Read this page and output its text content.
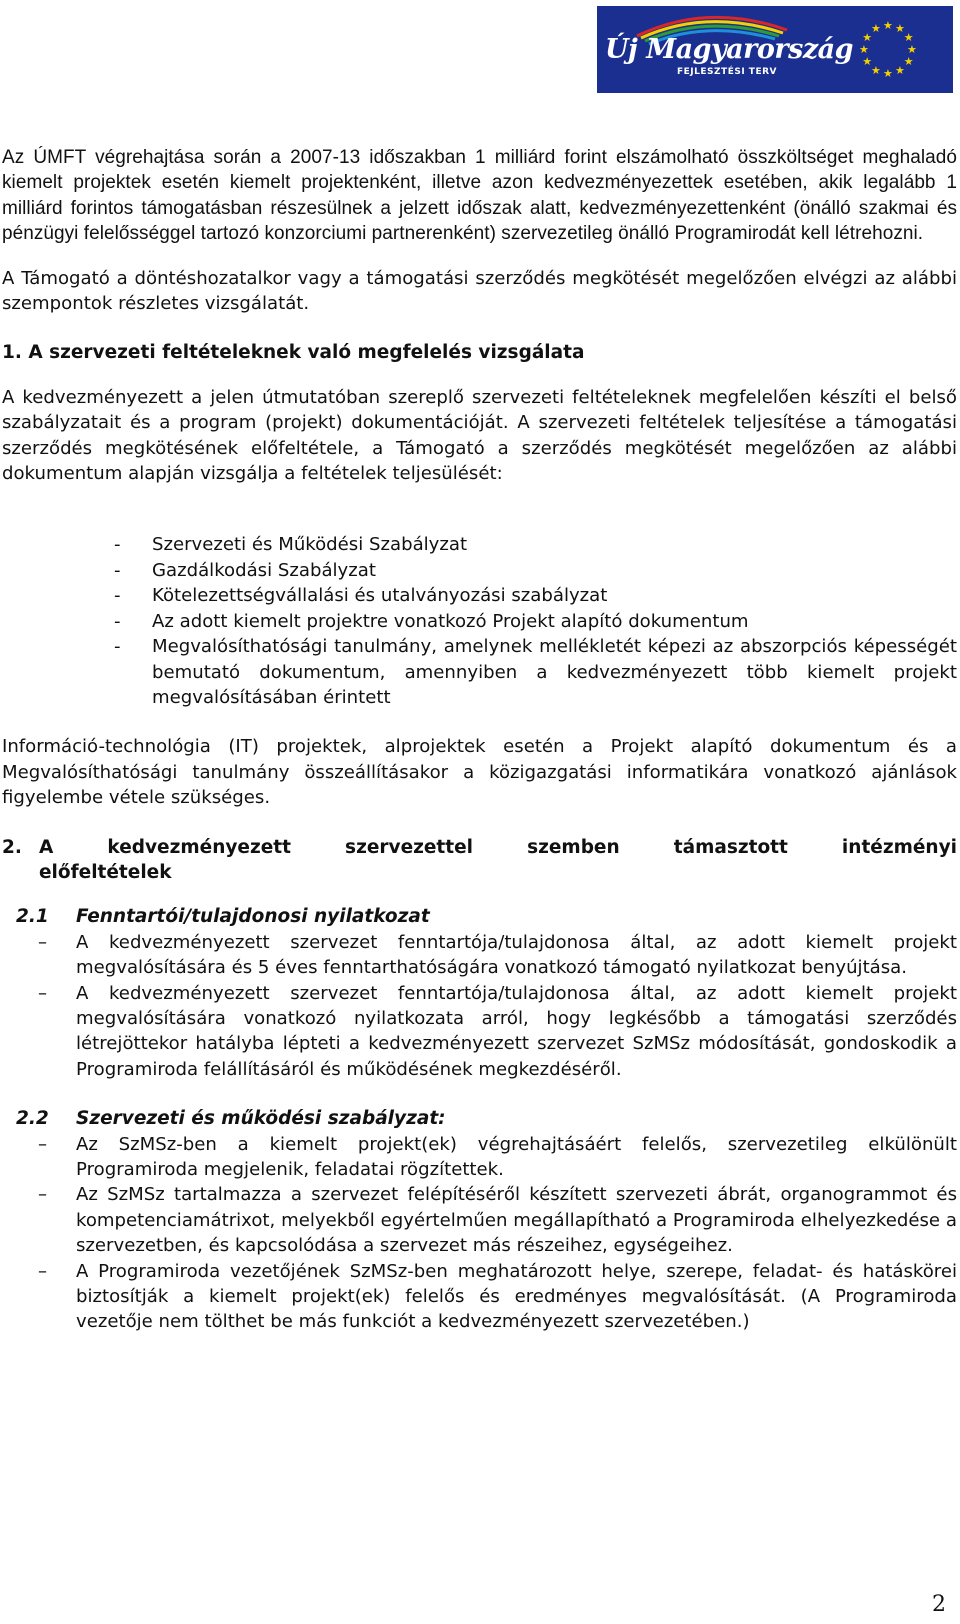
★
★
★
★
★
★
★
★
★ ★ ★
★
Új Magyarország
FEJLESZTÉSI TERV

Az ÚMFT végrehajtása során a 2007-13 időszakban 1 milliárd forint elszámolható összköltséget meghaladó kiemelt projektek esetén kiemelt projektenként, illetve azon kedvezményezettek esetében, akik legalább 1 milliárd forintos támogatásban részesülnek a jelzett időszak alatt, kedvezményezettenként (önálló szakmai és pénzügyi felelősséggel tartozó konzorciumi partnerenként) szervezetileg önálló Programirodát kell létrehozni.

A Támogató a döntéshozatalkor vagy a támogatási szerződés megkötését megelőzően elvégzi az alábbi szempontok részletes vizsgálatát.

1. A szervezeti feltételeknek való megfelelés vizsgálata

A kedvezményezett a jelen útmutatóban szereplő szervezeti feltételeknek megfelelően készíti el belső szabályzatait és a program (projekt) dokumentációját. A szervezeti feltételek teljesítése a támogatási szerződés megkötésének előfeltétele, a Támogató a szerződés megkötését megelőzően az alábbi dokumentum alapján vizsgálja a feltételek teljesülését:

- Szervezeti és Működési Szabályzat
- Gazdálkodási Szabályzat
- Kötelezettségvállalási és utalványozási szabályzat
- Az adott kiemelt projektre vonatkozó Projekt alapító dokumentum
- Megvalósíthatósági tanulmány, amelynek mellékletét képezi az abszorpciós képességét bemutató dokumentum, amennyiben a kedvezményezett több kiemelt projekt megvalósításában érintett

Információ-technológia (IT) projektek, alprojektek esetén a Projekt alapító dokumentum és a Megvalósíthatósági tanulmány összeállításakor a közigazgatási informatikára vonatkozó ajánlások figyelembe vétele szükséges.

2. A kedvezményezett szervezettel szemben támasztott intézményi
előfeltételek
2.1	Fenntartói/tulajdonosi nyilatkozat
– A kedvezményezett szervezet fenntartója/tulajdonosa által, az adott kiemelt projekt megvalósítására és 5 éves fenntarthatóságára vonatkozó támogató nyilatkozat benyújtása.
– A kedvezményezett szervezet fenntartója/tulajdonosa által, az adott kiemelt projekt megvalósítására vonatkozó nyilatkozata arról, hogy legkésőbb a támogatási szerződés létrejöttekor hatályba lépteti a kedvezményezett szervezet SzMSz módosítását, gondoskodik a Programiroda felállításáról és működésének megkezdéséről.
2.2	Szervezeti és működési szabályzat:
– Az SzMSz-ben a kiemelt projekt(ek) végrehajtásáért felelős, szervezetileg elkülönült Programiroda megjelenik, feladatai rögzítettek.
– Az SzMSz tartalmazza a szervezet felépítéséről készített szervezeti ábrát, organogrammot és kompetenciamátrixot, melyekből egyértelműen megállapítható a Programiroda elhelyezkedése a szervezetben, és kapcsolódása a szervezet más részeihez, egységeihez.
– A Programiroda vezetőjének SzMSz-ben meghatározott helye, szerepe, feladat- és hatáskörei biztosítják a kiemelt projekt(ek) felelős és eredményes megvalósítását. (A Programiroda vezetője nem tölthet be más funkciót a kedvezményezett szervezetében.)
2
